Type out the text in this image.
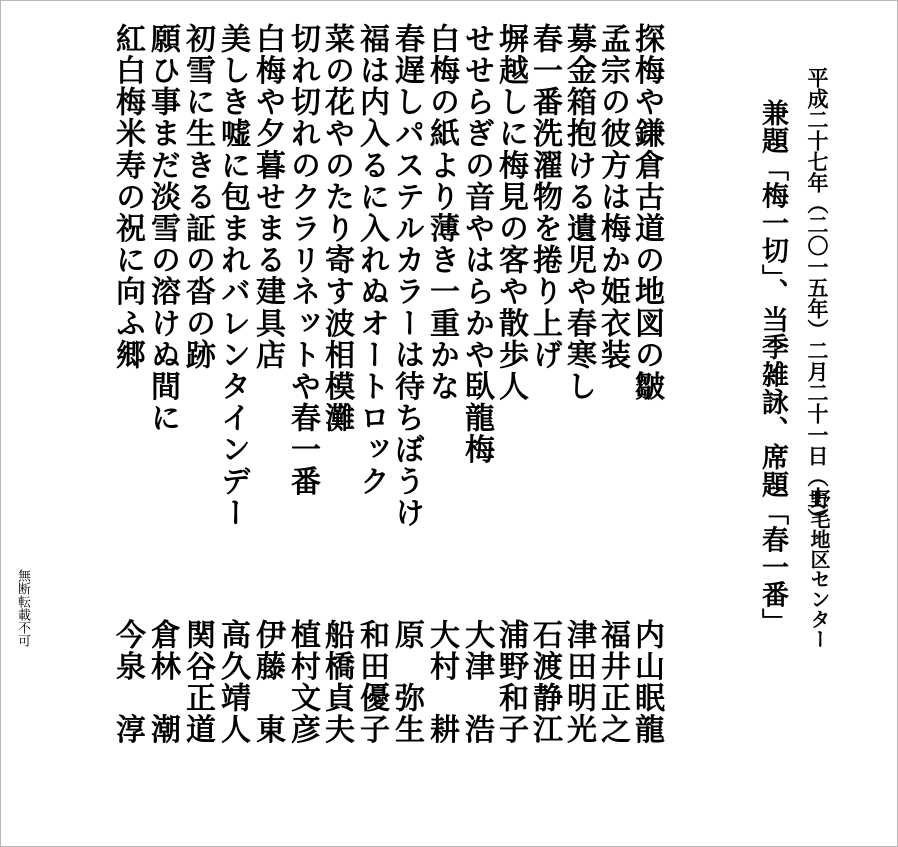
平成二十七年（二〇一五年）二月二十一日（土）
野毛地区センター
兼題「梅一切」、当季雑詠、席題「春一番」
探梅や鎌倉古道の地図の皺
内山眠龍
孟宗の彼方は梅か姫衣装
福井正之
募金箱抱ける遺児や春寒し
津田明光
春一番洗濯物を捲り上げ
石渡静江
塀越しに梅見の客や散歩人
浦野和子
せせらぎの音やはらかや臥龍梅
大津　浩
白梅の紙より薄き一重かな
大村　耕
春遅しパステルカラーは待ちぼうけ
原　弥生
福は内入るに入れぬオートロック
和田優子
菜の花やのたり寄す波相模灘
船橋貞夫
切れ切れのクラリネットや春一番
植村文彦
白梅や夕暮せまる建具店
伊藤　東
美しき嘘に包まれバレンタインデー
高久靖人
初雪に生きる証の沓の跡
関谷正道
願ひ事まだ淡雪の溶けぬ間に
倉林　潮
紅白梅米寿の祝に向ふ郷
今泉　淳
無断転載不可
